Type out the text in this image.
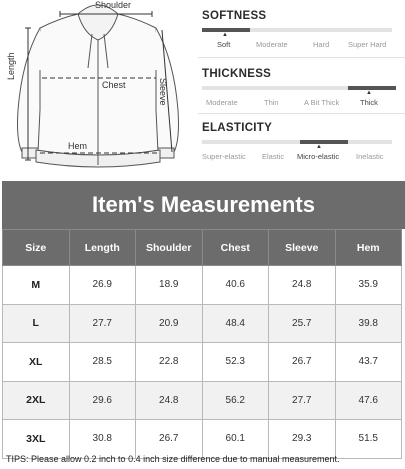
Shoulder
Length
Chest	Sleeve
Hem
SOFTNESS
▲
Soft	Moderate	Hard Super Hard
THICKNESS
▲
Moderate	Thin	A Bit Thick	Thick
ELASTICITY
▲
Super-elastic Elastic Micro-elastic Inelastic
Item's Measurements
Size	Length	Shoulder	Chest	Sleeve	Hem
M	26.9	18.9	40.6	24.8	35.9
L	27.7	20.9	48.4	25.7	39.8
XL	28.5	22.8	52.3	26.7	43.7
2XL	29.6	24.8	56.2	27.7	47.6
3XL	30.8	26.7	60.1	29.3	51.5
TIPS: Please allow 0.2 inch to 0.4 inch size difference due to manual measurement.
